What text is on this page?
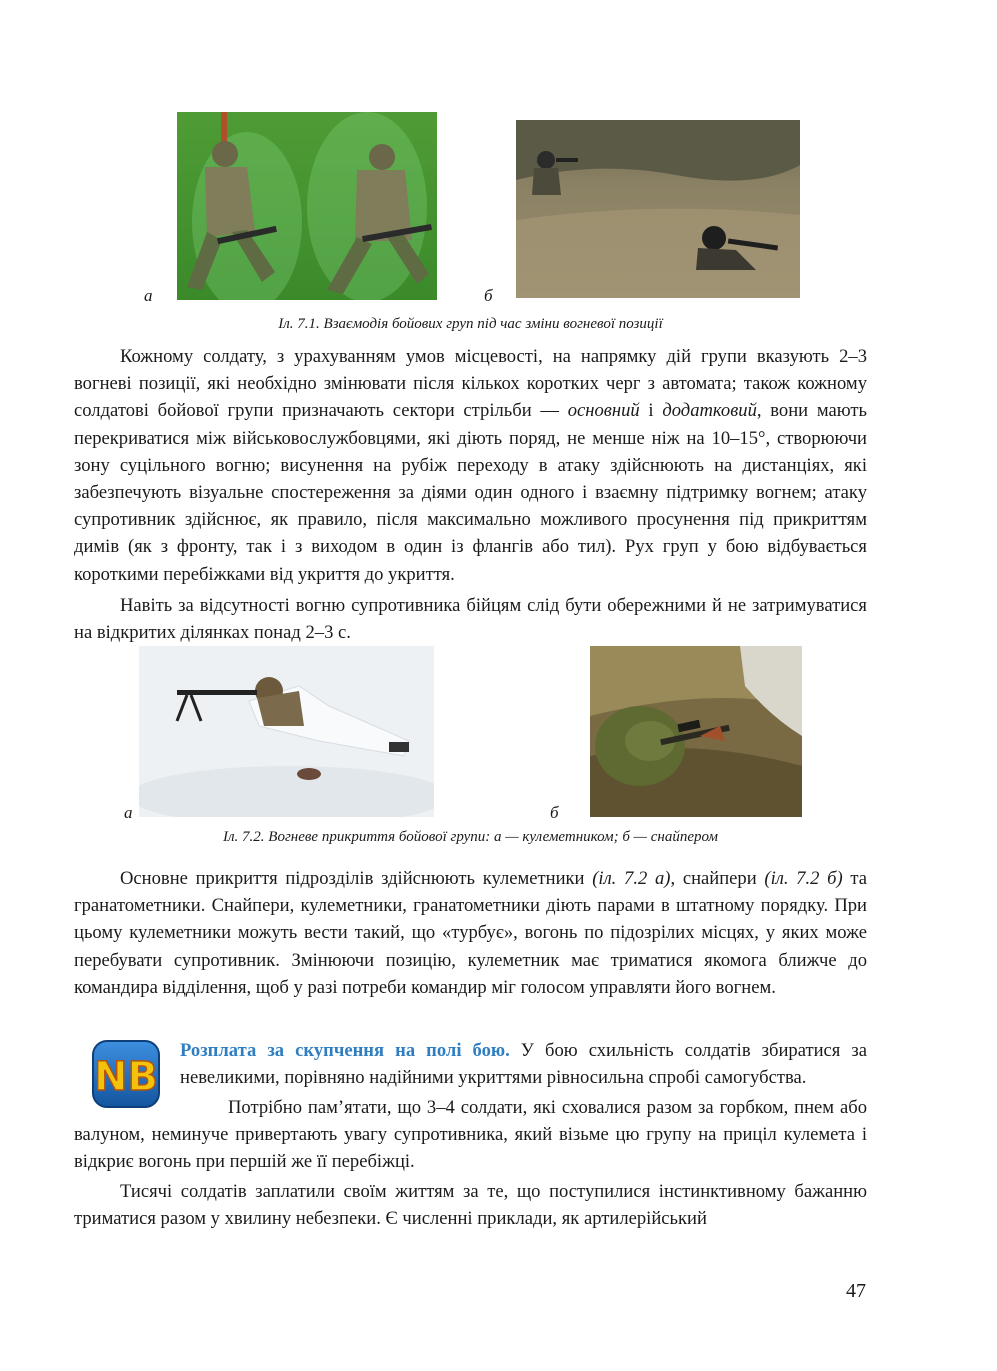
а	б
Іл. 7.1. Взаємодія бойових груп під час зміни вогневої позиції

Кожному солдату, з урахуванням умов місцевості, на напрямку дій групи вказують 2–3 вогневі позиції, які необхідно змінювати після кількох коротких черг з автомата; також кожному солдатові бойової групи призначають сектори стрільби — основний і додатковий, вони мають перекриватися між військовослужбовцями, які діють поряд, не менше ніж на 10–15°, створюючи зону суцільного вогню; висунення на рубіж переходу в атаку здійснюють на дистанціях, які забезпечують візуальне спостереження за діями один одного і взаємну підтримку вогнем; атаку супротивник здійснює, як правило, після максимально можливого просунення під прикриттям димів (як з фронту, так і з виходом в один із флангів або тил). Рух груп у бою відбувається короткими перебіжками від укриття до укриття.

Навіть за відсутності вогню супротивника бійцям слід бути обережними й не затримуватися на відкритих ділянках понад 2–3 с.

а	б
Іл. 7.2. Вогневе прикриття бойової групи: а — кулеметником; б — снайпером

Основне прикриття підрозділів здійснюють кулеметники (іл. 7.2 а), снайпери (іл. 7.2 б) та гранатометники. Снайпери, кулеметники, гранатометники діють парами в штатному порядку. При цьому кулеметники можуть вести такий, що «турбує», вогонь по підозрілих місцях, у яких може перебувати супротивник. Змінюючи позицію, кулеметник має триматися якомога ближче до командира відділення, щоб у разі потреби командир міг голосом управляти його вогнем.

NB

Розплата за скупчення на полі бою. У бою схильність солдатів збиратися за невеликими, порівняно надійними укриттями рівносильна спробі самогубства.

Потрібно пам’ятати, що 3–4 солдати, які сховалися разом за горбком, пнем або валуном, неминуче привертають увагу супротивника, який візьме цю групу на приціл кулемета і відкриє вогонь при першій же її перебіжці.

Тисячі солдатів заплатили своїм життям за те, що поступилися інстинктивному бажанню триматися разом у хвилину небезпеки. Є численні приклади, як артилерійський

47
